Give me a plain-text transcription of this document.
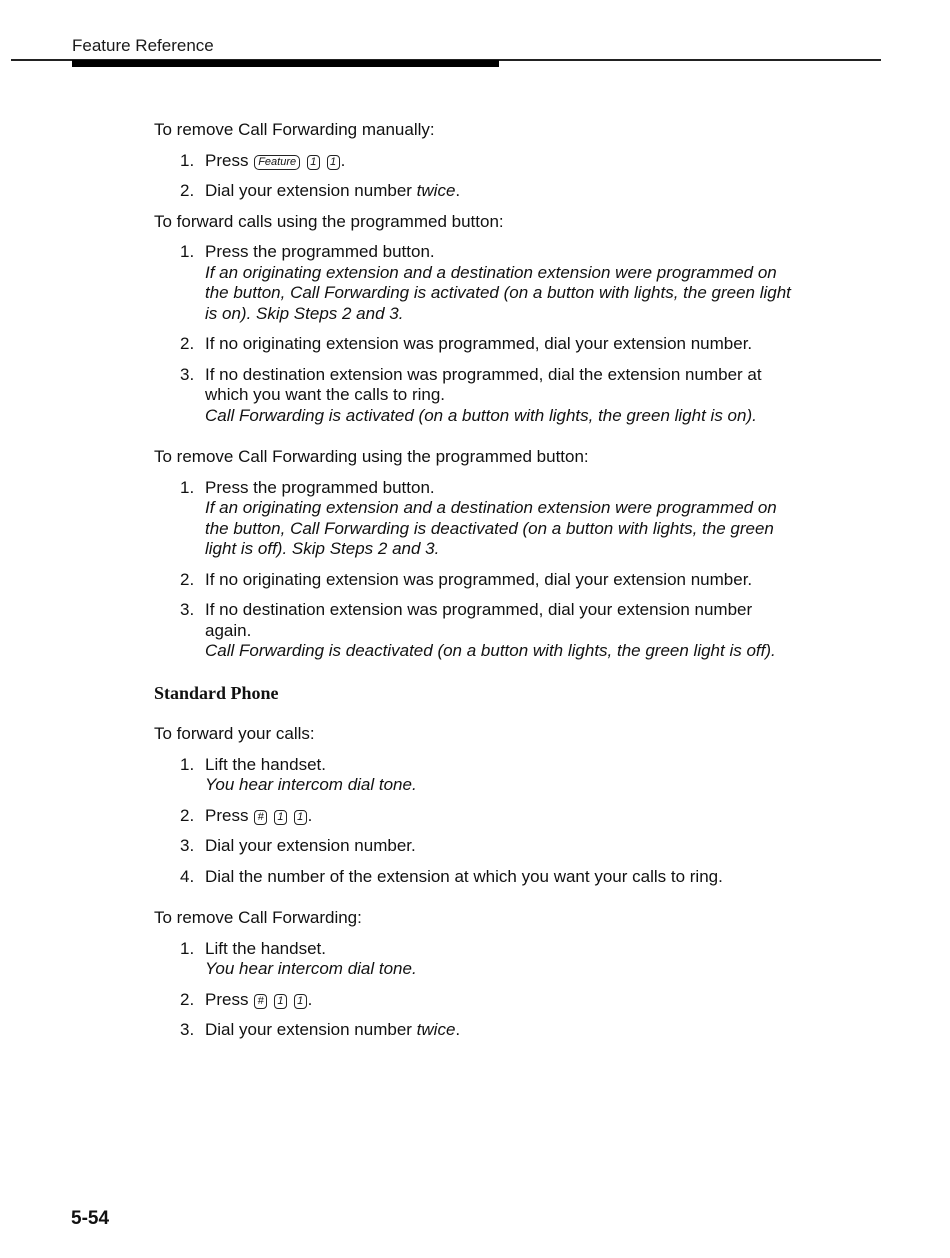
Feature Reference

To remove Call Forwarding manually:

1. Press Feature 1 1 .
2. Dial your extension number twice.

To forward calls using the programmed button:

1. Press the programmed button.
If an originating extension and a destination extension were programmed on the button, Call Forwarding is activated (on a button with lights, the green light is on). Skip Steps 2 and 3.
2. If no originating extension was programmed, dial your extension number.
3. If no destination extension was programmed, dial the extension number at which you want the calls to ring.
Call Forwarding is activated (on a button with lights, the green light is on).

To remove Call Forwarding using the programmed button:

1. Press the programmed button.
If an originating extension and a destination extension were programmed on the button, Call Forwarding is deactivated (on a button with lights, the green light is off). Skip Steps 2 and 3.
2. If no originating extension was programmed, dial your extension number.
3. If no destination extension was programmed, dial your extension number again.
Call Forwarding is deactivated (on a button with lights, the green light is off).
Standard Phone

To forward your calls:

1. Lift the handset.
You hear intercom dial tone.
2. Press # 1 1 .
3. Dial your extension number.
4. Dial the number of the extension at which you want your calls to ring.

To remove Call Forwarding:

1. Lift the handset.
You hear intercom dial tone.
2. Press # 1 1 .
3. Dial your extension number twice.
5-54
